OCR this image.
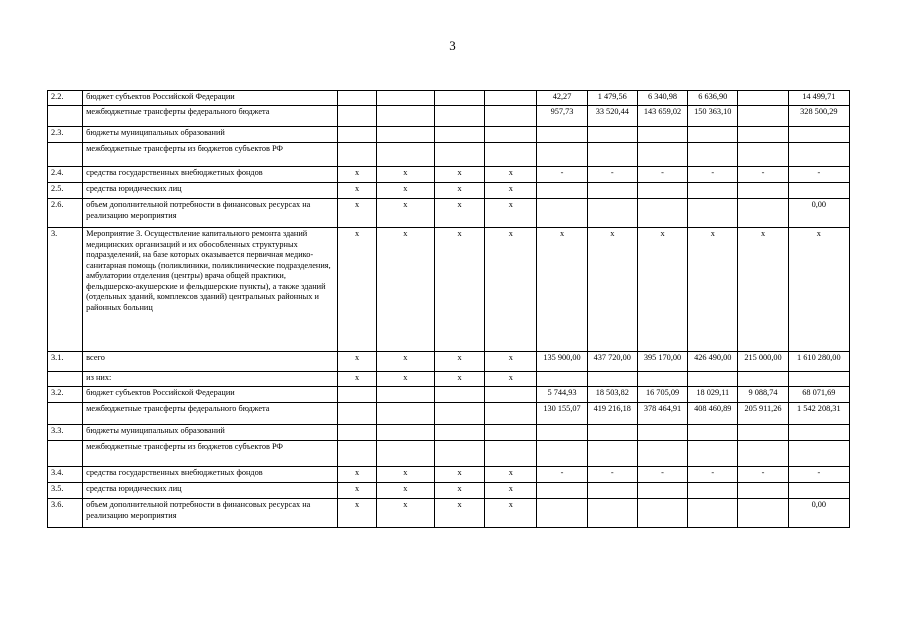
3
2.2.	бюджет субъектов Российской Федерации					42,27	1 479,56	6 340,98	6 636,90		14 499,71
	межбюджетные трансферты федерального бюджета					957,73	33 520,44	143 659,02	150 363,10		328 500,29
2.3.	бюджеты муниципальных образований										
	межбюджетные трансферты из бюджетов субъектов РФ										
2.4.	средства государственных внебюджетных фондов	х	х	х	х	-	-	-	-	-	-
2.5.	средства юридических лиц	х	х	х	х						
2.6.	объем дополнительной потребности в финансовых ресурсах на реализацию мероприятия	х	х	х	х						0,00
3.	Мероприятие 3. Осуществление капитального ремонта зданий медицинских организаций и их обособленных структурных подразделений, на базе которых оказывается первичная медико-санитарная помощь (поликлиники, поликлинические подразделения, амбулатории отделения (центры) врача общей практики, фельдшерско-акушерские и фельдшерские пункты), а также зданий (отдельных зданий, комплексов зданий) центральных районных и районных больниц	х	х	х	х	х	х	х	х	х	х
3.1.	всего	х	х	х	х	135 900,00	437 720,00	395 170,00	426 490,00	215 000,00	1 610 280,00
	из них:	х	х	х	х						
3.2.	бюджет субъектов Российской Федерации					5 744,93	18 503,82	16 705,09	18 029,11	9 088,74	68 071,69
	межбюджетные трансферты федерального бюджета					130 155,07	419 216,18	378 464,91	408 460,89	205 911,26	1 542 208,31
3.3.	бюджеты муниципальных образований										
	межбюджетные трансферты из бюджетов субъектов РФ										
3.4.	средства государственных внебюджетных фондов	х	х	х	х	-	-	-	-	-	-
3.5.	средства юридических лиц	х	х	х	х						
3.6.	объем дополнительной потребности в финансовых ресурсах на реализацию мероприятия	х	х	х	х						0,00
